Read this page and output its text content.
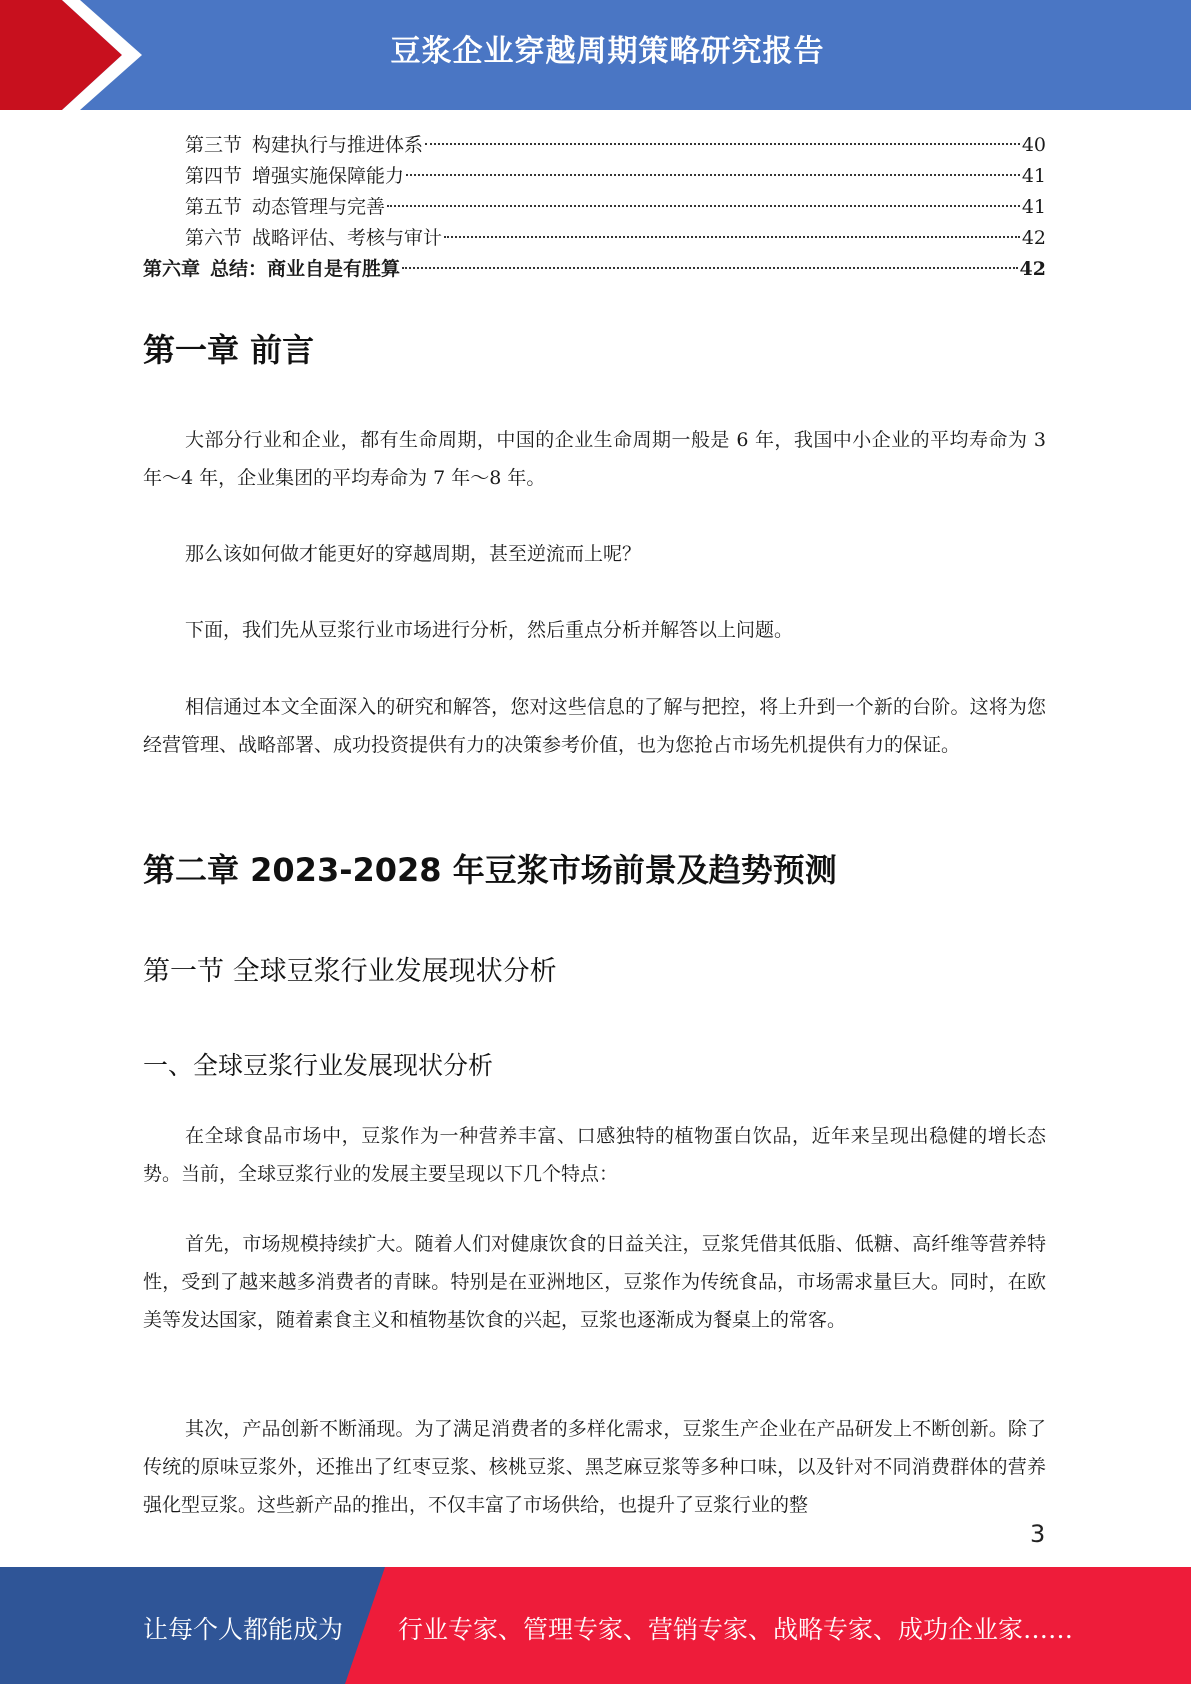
豆浆企业穿越周期策略研究报告
第三节 构建执行与推进体系	40
第四节 增强实施保障能力	41
第五节 动态管理与完善	41
第六节 战略评估、考核与审计	42
第六章 总结：商业自是有胜算	42
第一章 前言

大部分行业和企业，都有生命周期，中国的企业生命周期一般是 6 年，我国中小企业的平均寿命为 3 年～4 年，企业集团的平均寿命为 7 年～8 年。

那么该如何做才能更好的穿越周期，甚至逆流而上呢？

下面，我们先从豆浆行业市场进行分析，然后重点分析并解答以上问题。

相信通过本文全面深入的研究和解答，您对这些信息的了解与把控，将上升到一个新的台阶。这将为您经营管理、战略部署、成功投资提供有力的决策参考价值，也为您抢占市场先机提供有力的保证。

第二章 2023-2028 年豆浆市场前景及趋势预测
第一节 全球豆浆行业发展现状分析
一、全球豆浆行业发展现状分析

在全球食品市场中，豆浆作为一种营养丰富、口感独特的植物蛋白饮品，近年来呈现出稳健的增长态势。当前，全球豆浆行业的发展主要呈现以下几个特点：

首先，市场规模持续扩大。随着人们对健康饮食的日益关注，豆浆凭借其低脂、低糖、高纤维等营养特性，受到了越来越多消费者的青睐。特别是在亚洲地区，豆浆作为传统食品，市场需求量巨大。同时，在欧美等发达国家，随着素食主义和植物基饮食的兴起，豆浆也逐渐成为餐桌上的常客。

其次，产品创新不断涌现。为了满足消费者的多样化需求，豆浆生产企业在产品研发上不断创新。除了传统的原味豆浆外，还推出了红枣豆浆、核桃豆浆、黑芝麻豆浆等多种口味，以及针对不同消费群体的营养强化型豆浆。这些新产品的推出，不仅丰富了市场供给，也提升了豆浆行业的整

3
让每个人都能成为 行业专家、管理专家、营销专家、战略专家、成功企业家……
